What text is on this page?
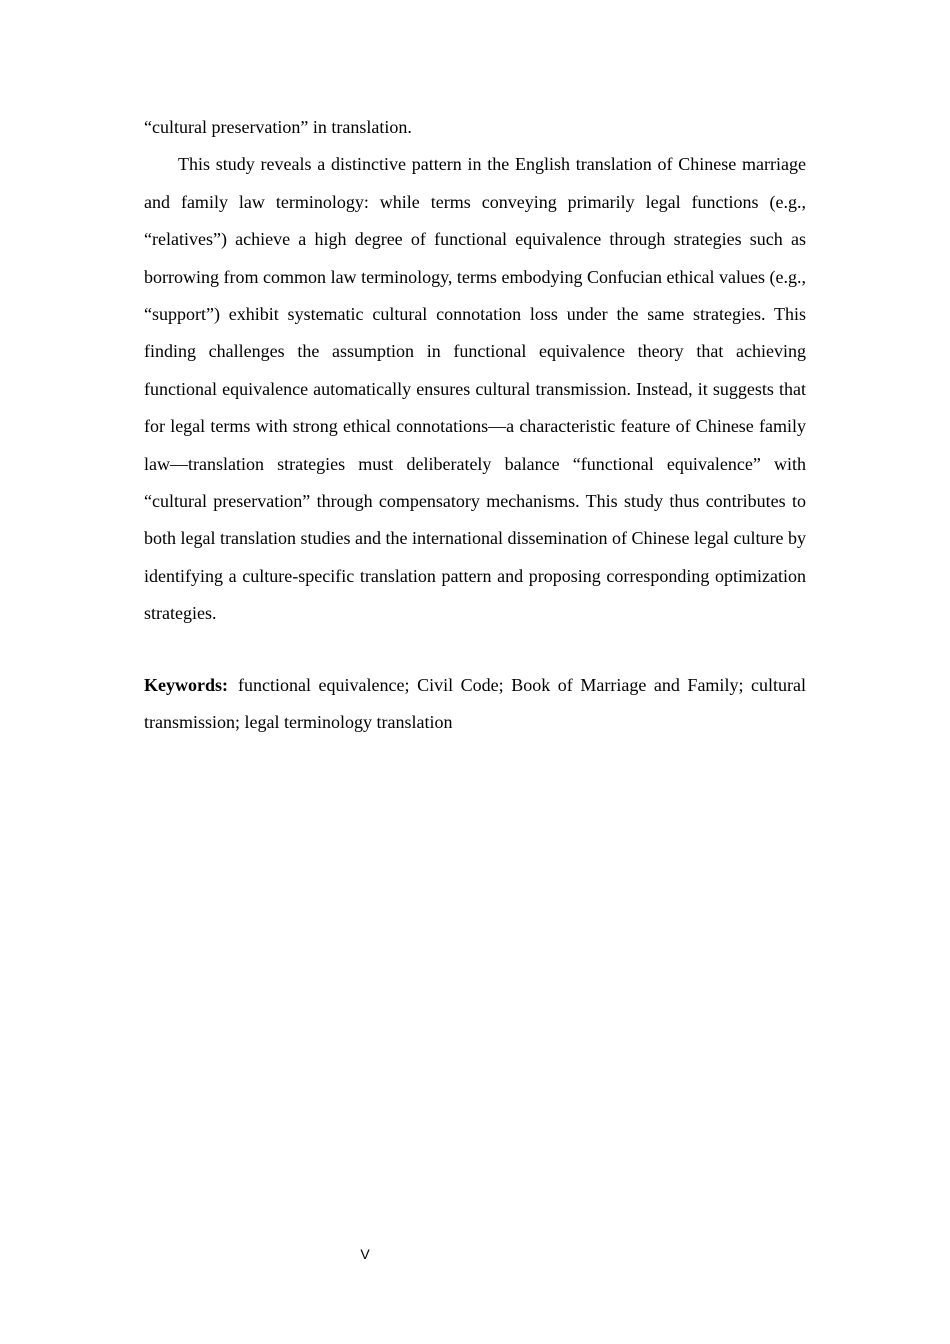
“cultural preservation” in translation.

This study reveals a distinctive pattern in the English translation of Chinese marriage and family law terminology: while terms conveying primarily legal functions (e.g., “relatives”) achieve a high degree of functional equivalence through strategies such as borrowing from common law terminology, terms embodying Confucian ethical values (e.g., “support”) exhibit systematic cultural connotation loss under the same strategies. This finding challenges the assumption in functional equivalence theory that achieving functional equivalence automatically ensures cultural transmission. Instead, it suggests that for legal terms with strong ethical connotations—a characteristic feature of Chinese family law—translation strategies must deliberately balance “functional equivalence” with “cultural preservation” through compensatory mechanisms. This study thus contributes to both legal translation studies and the international dissemination of Chinese legal culture by identifying a culture-specific translation pattern and proposing corresponding optimization strategies.

Keywords: functional equivalence; Civil Code; Book of Marriage and Family; cultural transmission; legal terminology translation

V
